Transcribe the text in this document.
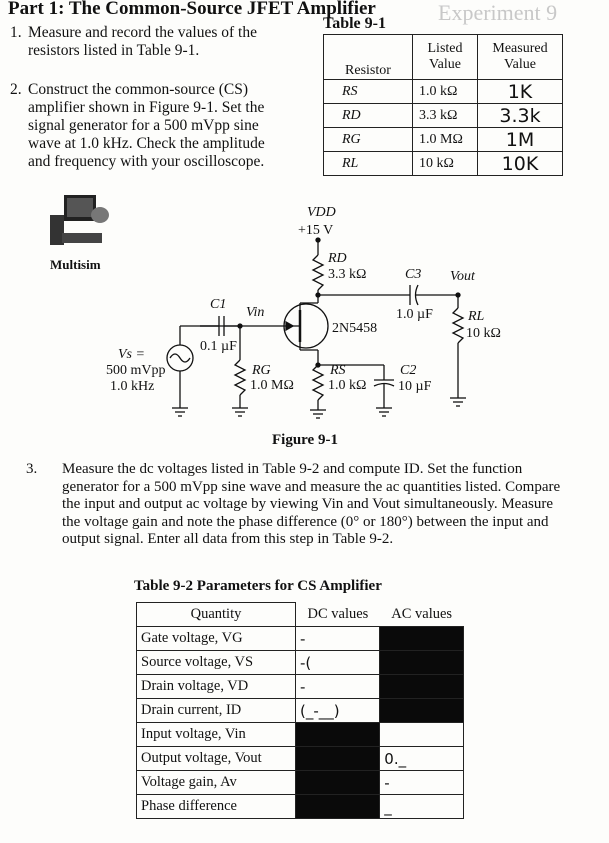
Part 1: The Common-Source JFET Amplifier	Experiment 9
1. Measure and record the values of the
resistors listed in Table 9-1.
2. Construct the common-source (CS)
amplifier shown in Figure 9-1. Set the
signal generator for a 500 mVpp sine
wave at 1.0 kHz. Check the amplitude
and frequency with your oscilloscope.
Table 9-1
Resistor	Listed Value	Measured Value
RS	1.0 kΩ	1K
RD	3.3 kΩ	3.3k
RG	1.0 MΩ	1M
RL	10 kΩ	10K
Multisim
VDD
+15 V
RD
3.3 kΩ	C3 Vout
1.0 µF
C1
Vin
0.1 µF
2N5458
RL
10 kΩ
Vs =
500 mVpp
1.0 kHz
RG
1.0 MΩ
RS
1.0 kΩ
C2
10 µF
Figure 9-1
3. Measure the dc voltages listed in Table 9-2 and compute ID. Set the function
generator for a 500 mVpp sine wave and measure the ac quantities listed. Compare
the input and output ac voltage by viewing Vin and Vout simultaneously. Measure
the voltage gain and note the phase difference (0° or 180°) between the input and
output signal. Enter all data from this step in Table 9-2.
Table 9-2 Parameters for CS Amplifier
Quantity	DC values	AC values
Gate voltage, VG	-	
Source voltage, VS	-(	
Drain voltage, VD	-	
Drain current, ID	(_-__)	
Input voltage, Vin		
Output voltage, Vout		0._
Voltage gain, Av		-
Phase difference		_
